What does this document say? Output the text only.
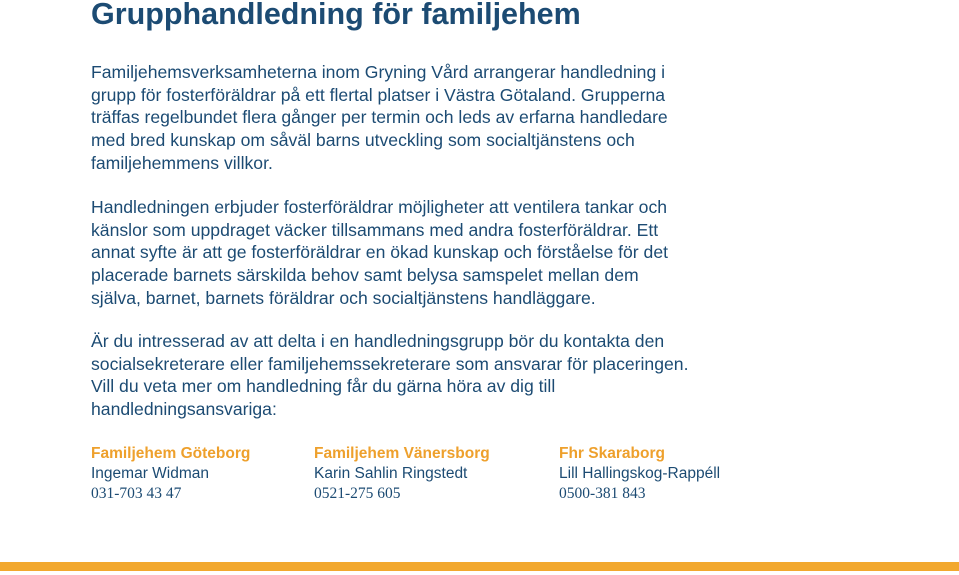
Grupphandledning för familjehem

Familjehemsverksamheterna inom Gryning Vård arrangerar handledning i
grupp för fosterföräldrar på ett flertal platser i Västra Götaland. Grupperna
träffas regelbundet flera gånger per termin och leds av erfarna handledare
med bred kunskap om såväl barns utveckling som socialtjänstens och
familjehemmens villkor.

Handledningen erbjuder fosterföräldrar möjligheter att ventilera tankar och
känslor som uppdraget väcker tillsammans med andra fosterföräldrar. Ett
annat syfte är att ge fosterföräldrar en ökad kunskap och förståelse för det
placerade barnets särskilda behov samt belysa samspelet mellan dem
själva, barnet, barnets föräldrar och socialtjänstens handläggare.

Är du intresserad av att delta i en handledningsgrupp bör du kontakta den
socialsekreterare eller familjehemssekreterare som ansvarar för placeringen.
Vill du veta mer om handledning får du gärna höra av dig till
handledningsansvariga:

Familjehem Göteborg
Ingemar Widman
031-703 43 47
Familjehem Vänersborg
Karin Sahlin Ringstedt
0521-275 605
Fhr Skaraborg
Lill Hallingskog-Rappéll
0500-381 843
